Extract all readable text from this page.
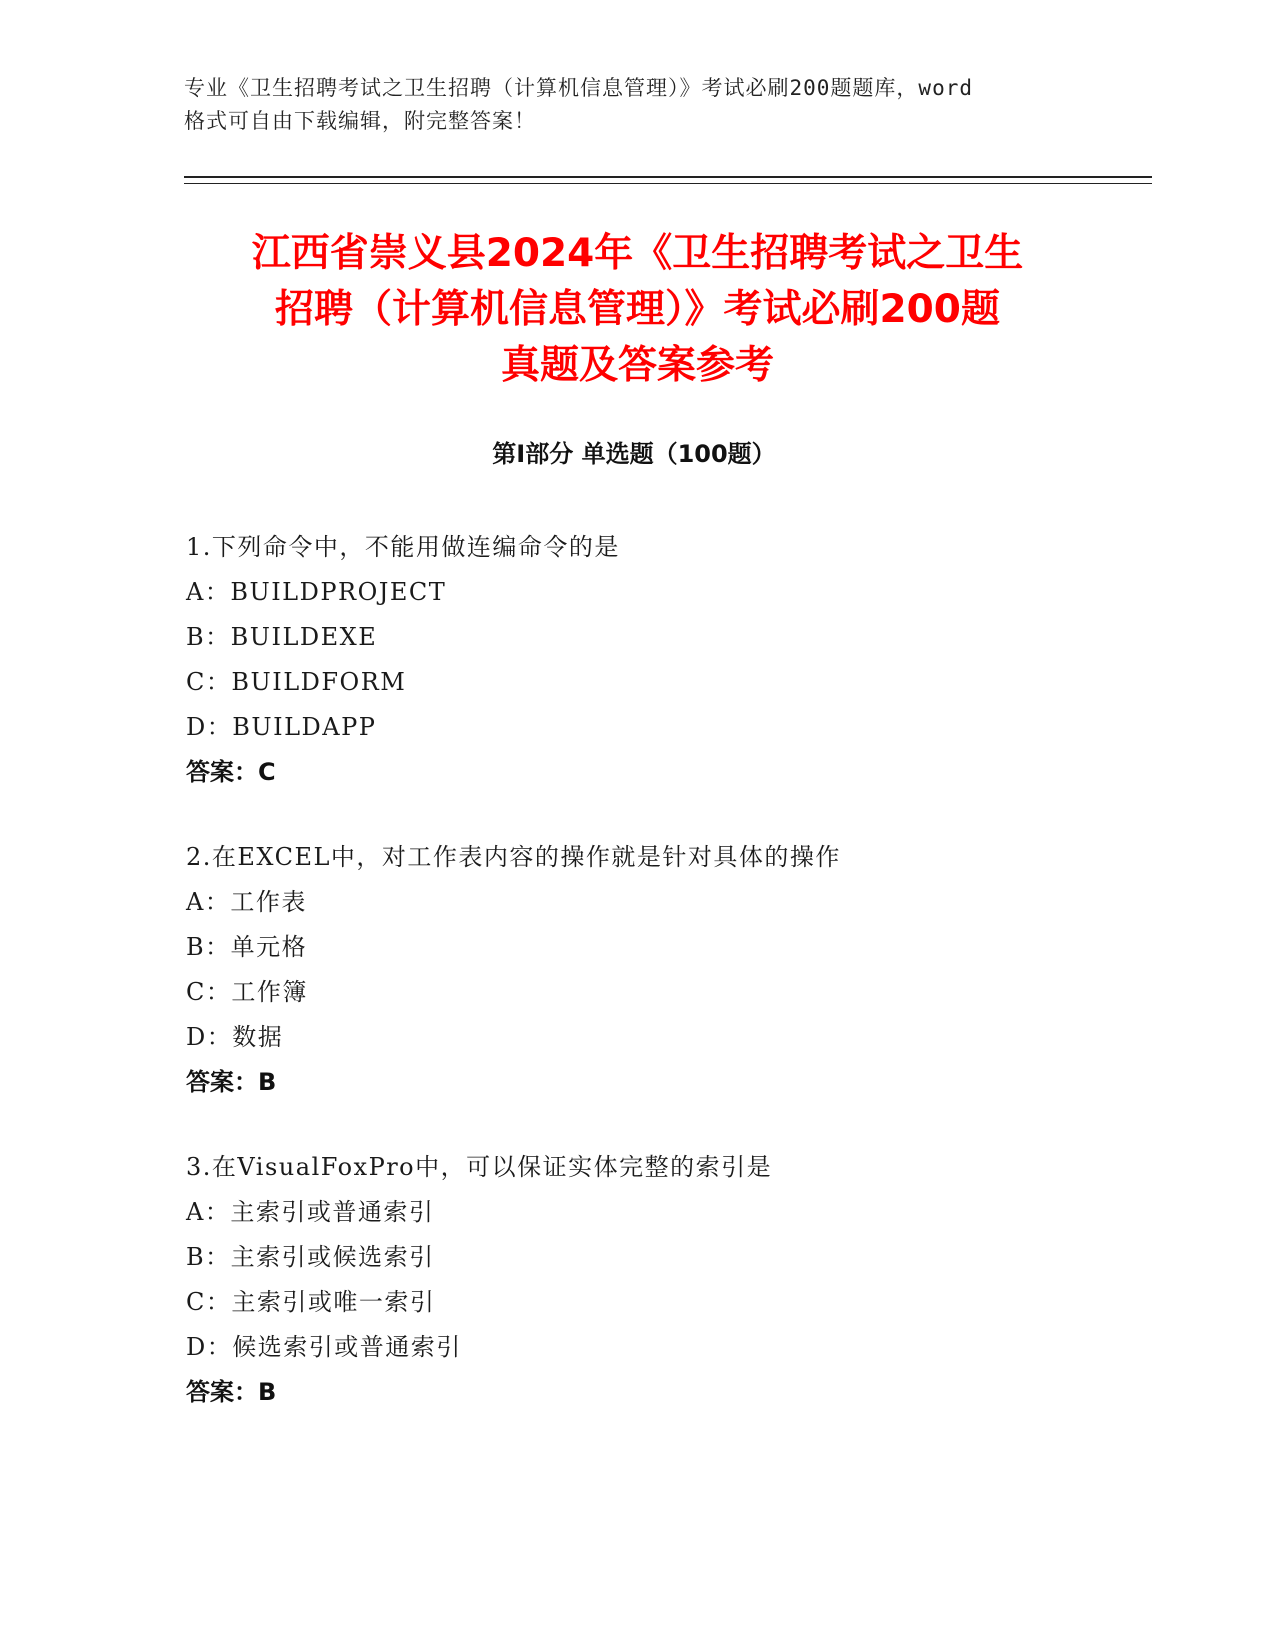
专业《卫生招聘考试之卫生招聘（计算机信息管理）》考试必刷200题题库，word
格式可自由下载编辑，附完整答案！
江西省崇义县2024年《卫生招聘考试之卫生
招聘（计算机信息管理）》考试必刷200题
真题及答案参考
第Ⅰ部分 单选题（100题）
1.下列命令中，不能用做连编命令的是
A：BUILDPROJECT
B：BUILDEXE
C：BUILDFORM
D：BUILDAPP
答案：C
2.在EXCEL中，对工作表内容的操作就是针对具体的操作
A：工作表
B：单元格
C：工作簿
D：数据
答案：B
3.在VisualFoxPro中，可以保证实体完整的索引是
A：主索引或普通索引
B：主索引或候选索引
C：主索引或唯一索引
D：候选索引或普通索引
答案：B
